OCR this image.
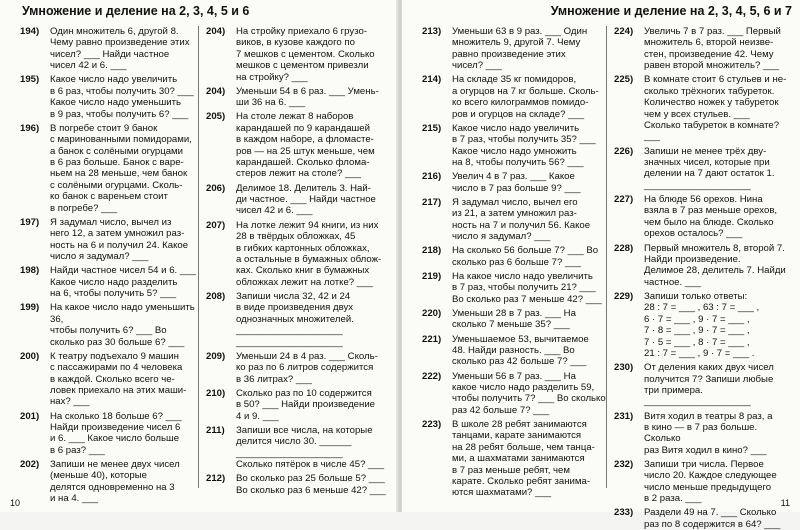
Умножение и деление на 2, 3, 4, 5 и 6
194)	Один множитель 6, другой 8.
Чему равно произведение этих
чисел? ___ Найди частное
чисел 42 и 6. ___
195)	Какое число надо увеличить
в 6 раз, чтобы получить 30? ___
Какое число надо уменьшить
в 9 раз, чтобы получить 6? ___
196)	В погребе стоит 9 банок
с маринованными помидорами,
а банок с солёными огурцами
в 6 раз больше. Банок с варе-
ньем на 28 меньше, чем банок
с солёными огурцами. Сколь-
ко банок с вареньем стоит
в погребе? ___
197)	Я задумал число, вычел из
него 12, а затем умножил раз-
ность на 6 и получил 24. Какое
число я задумал? ___
198)	Найди частное чисел 54 и 6. ___
Какое число надо разделить
на 6, чтобы получить 5? ___
199)	На какое число надо уменьшить 36,
чтобы получить 6? ___ Во
сколько раз 30 больше 6? ___
200)	К театру подъехало 9 машин
с пассажирами по 4 человека
в каждой. Сколько всего че-
ловек приехало на этих маши-
нах? ___
201)	На сколько 18 больше 6? ___
Найди произведение чисел 6
и 6. ___ Какое число больше
в 6 раз? ___
202)	Запиши не менее двух чисел
(меньше 40), которые
делятся одновременно на 3
и на 4. ___
204)	На стройку приехало 6 грузо-
виков, в кузове каждого по
7 мешков с цементом. Сколько
мешков с цементом привезли
на стройку? ___
204)	Уменьши 54 в 6 раз. ___ Умень-
ши 36 на 6. ___
205)	На столе лежат 8 наборов
карандашей по 9 карандашей
в каждом наборе, а фломасте-
ров — на 25 штук меньше, чем
карандашей. Сколько флома-
стеров лежит на столе? ___
206)	Делимое 18. Делитель 3. Най-
ди частное. ___ Найди частное
чисел 42 и 6. ___
207)	На лотке лежит 94 книги, из них
28 в твёрдых обложках, 45
в гибких картонных обложках,
а остальные в бумажных облож-
ках. Сколько книг в бумажных
обложках лежит на лотке? ___
208)	Запиши числа 32, 42 и 24
в виде произведения двух
однозначных множителей.
____________________
____________________
209)	Уменьши 24 в 4 раз. ___ Сколь-
ко раз по 6 литров содержится
в 36 литрах? ___
210)	Сколько раз по 10 содержится
в 50? ___ Найди произведение
4 и 9. ___
211)	Запиши все числа, на которые
делится число 30. ______
____________________
Сколько пятёрок в числе 45? ___
212)	Во сколько раз 25 больше 5? ___
Во сколько раз 6 меньше 42? ___
10
Умножение и деление на 2, 3, 4, 5, 6 и 7
213)	Уменьши 63 в 9 раз. ___ Один
множитель 9, другой 7. Чему
равно произведение этих
чисел? ___
214)	На складе 35 кг помидоров,
а огурцов на 7 кг больше. Сколь-
ко всего килограммов помидо-
ров и огурцов на складе? ___
215)	Какое число надо увеличить
в 7 раз, чтобы получить 35? ___
Какое число надо умножить
на 8, чтобы получить 56? ___
216)	Увелич 4 в 7 раз. ___ Какое
число в 7 раз больше 9? ___
217)	Я задумал число, вычел его
из 21, а затем умножил раз-
ность на 7 и получил 56. Какое
число я задумал? ___
218)	На сколько 56 больше 7? ___ Во
сколько раз 6 больше 7? ___
219)	На какое число надо увеличить
в 7 раз, чтобы получить 21? ___
Во сколько раз 7 меньше 42? ___
220)	Уменьши 28 в 7 раз. ___ На
сколько 7 меньше 35? ___
221)	Уменьшаемое 53, вычитаемое
48. Найди разность. ___ Во
сколько раз 42 больше 7? ___
222)	Уменьши 56 в 7 раз. ___ На
какое число надо разделить 59,
чтобы получить 7? ___ Во сколько
раз 42 больше 7? ___
223)	В школе 28 ребят занимаются
танцами, карате занимаются
на 28 ребят больше, чем танца-
ми, а шахматами занимаются
в 7 раз меньше ребят, чем
карате. Сколько ребят занима-
ются шахматами? ___
224)	Увеличь 7 в 7 раз. ___ Первый
множитель 6, второй неизве-
стен, произведение 42. Чему
равен второй множитель? ___
225)	В комнате стоит 6 стульев и не-
сколько трёхногих табуреток.
Количество ножек у табуреток
чем у всех стульев. ___
Сколько табуреток в комнате? ___
226)	Запиши не менее трёх дву-
значных чисел, которые при
делении на 7 дают остаток 1.
____________________
227)	На блюде 56 орехов. Нина
взяла в 7 раз меньше орехов,
чем было на блюде. Сколько
орехов осталось? ___
228)	Первый множитель 8, второй 7.
Найди произведение.
Делимое 28, делитель 7. Найди
частное. ___
229)	Запиши только ответы:
28 : 7 = ___ , 63 : 7 = ___ ,
6 · 7 = ___ , 9 · 7 = ___ ,
7 · 8 = ___ , 9 · 7 = ___ ,
7 · 5 = ___ , 8 · 7 = ___ ,
21 : 7 = ___ , 9 · 7 = ___ .
230)	От деления каких двух чисел
получится 7? Запиши любые
три примера.
____________________
231)	Витя ходил в театры 8 раз, а
в кино — в 7 раз больше. Сколько
раз Витя ходил в кино? ___
232)	Запиши три числа. Первое
число 20. Каждое следующее
число меньше предыдущего
в 2 раза. ___
233)	Раздели 49 на 7. ___ Сколько
раз по 8 содержится в 64? ___
11
